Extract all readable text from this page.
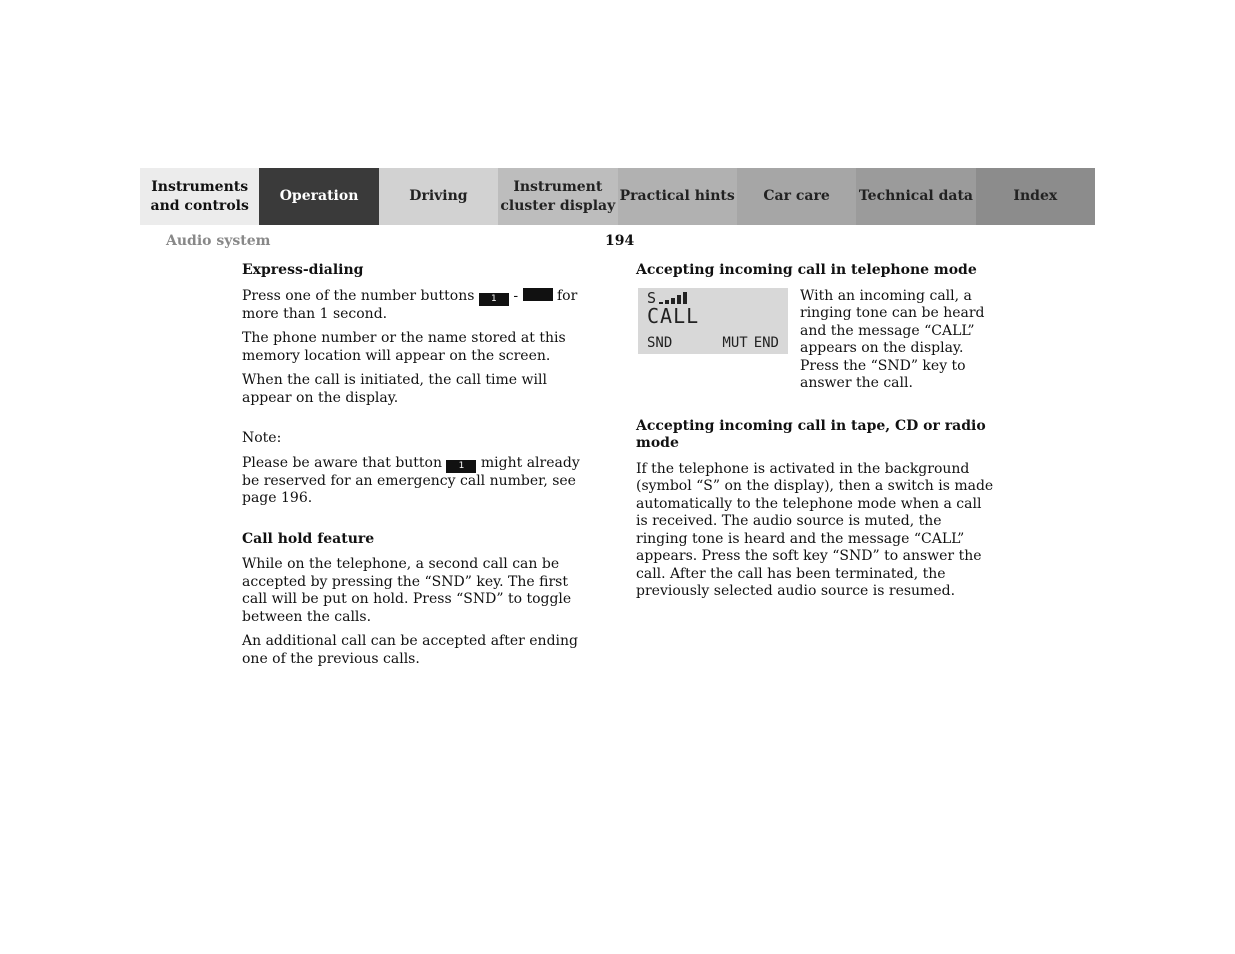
Instruments and controls
Operation	Driving
Instrument cluster display
Practical hints Car care Technical data	Index
Audio system	194
Express-dialing

Press one of the number buttons 1 -	for more than 1 second.

The phone number or the name stored at this memory location will appear on the screen.

When the call is initiated, the call time will appear on the display.

Note:

Please be aware that button 1 might already be reserved for an emergency call number, see page 196.

Call hold feature

While on the telephone, a second call can be accepted by pressing the “SND” key. The first call will be put on hold. Press “SND” to toggle between the calls.

An additional call can be accepted after ending one of the previous calls.

Accepting incoming call in telephone mode
S
CALL
SND	MUT END
With an incoming call, a ringing tone can be heard and the message “CALL” appears on the display. Press the “SND” key to answer the call.
Accepting incoming call in tape, CD or radio mode

If the telephone is activated in the background (symbol “S” on the display), then a switch is made automatically to the telephone mode when a call is received. The audio source is muted, the ringing tone is heard and the message “CALL” appears. Press the soft key “SND” to answer the call. After the call has been terminated, the previously selected audio source is resumed.
